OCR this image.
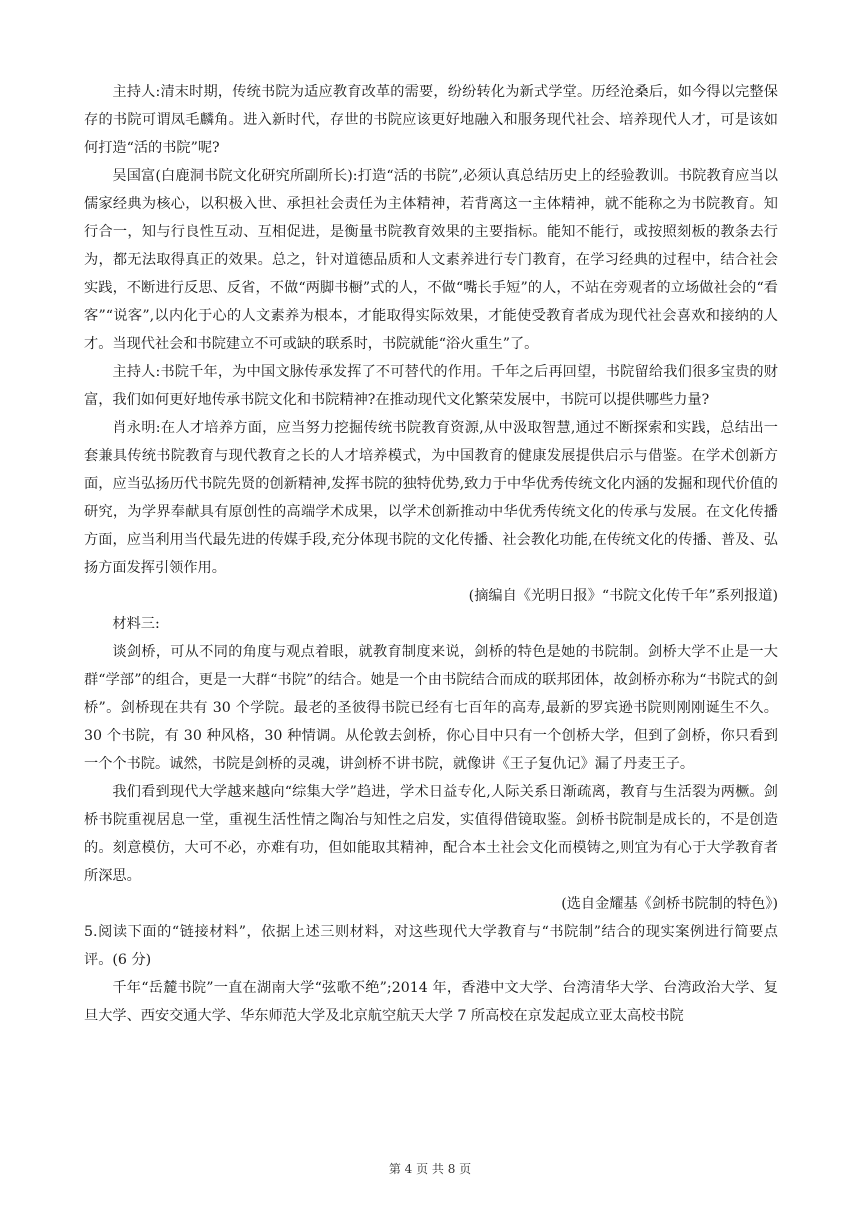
主持人:清末时期，传统书院为适应教育改革的需要，纷纷转化为新式学堂。历经沧桑后，如今得以完整保存的书院可谓凤毛麟角。进入新时代，存世的书院应该更好地融入和服务现代社会、培养现代人才，可是该如何打造“活的书院”呢?

吴国富(白鹿洞书院文化研究所副所长):打造“活的书院”,必须认真总结历史上的经验教训。书院教育应当以儒家经典为核心，以积极入世、承担社会责任为主体精神，若背离这一主体精神，就不能称之为书院教育。知行合一，知与行良性互动、互相促进，是衡量书院教育效果的主要指标。能知不能行，或按照刻板的教条去行为，都无法取得真正的效果。总之，针对道德品质和人文素养进行专门教育，在学习经典的过程中，结合社会实践，不断进行反思、反省，不做“两脚书橱”式的人，不做“嘴长手短”的人，不站在旁观者的立场做社会的“看客”“说客”,以内化于心的人文素养为根本，才能取得实际效果，才能使受教育者成为现代社会喜欢和接纳的人才。当现代社会和书院建立不可或缺的联系时，书院就能“浴火重生”了。

主持人:书院千年，为中国文脉传承发挥了不可替代的作用。千年之后再回望，书院留给我们很多宝贵的财富，我们如何更好地传承书院文化和书院精神?在推动现代文化繁荣发展中，书院可以提供哪些力量?

肖永明:在人才培养方面，应当努力挖掘传统书院教育资源,从中汲取智慧,通过不断探索和实践，总结出一套兼具传统书院教育与现代教育之长的人才培养模式，为中国教育的健康发展提供启示与借鉴。在学术创新方面，应当弘扬历代书院先贤的创新精神,发挥书院的独特优势,致力于中华优秀传统文化内涵的发掘和现代价值的研究，为学界奉献具有原创性的高端学术成果，以学术创新推动中华优秀传统文化的传承与发展。在文化传播方面，应当利用当代最先进的传媒手段,充分体现书院的文化传播、社会教化功能,在传统文化的传播、普及、弘扬方面发挥引领作用。

(摘编自《光明日报》“书院文化传千年”系列报道)

材料三:

谈剑桥，可从不同的角度与观点着眼，就教育制度来说，剑桥的特色是她的书院制。剑桥大学不止是一大群“学部”的组合，更是一大群“书院”的结合。她是一个由书院结合而成的联邦团体，故剑桥亦称为“书院式的剑桥”。剑桥现在共有 30 个学院。最老的圣彼得书院已经有七百年的高寿,最新的罗宾逊书院则刚刚诞生不久。30 个书院，有 30 种风格，30 种情调。从伦敦去剑桥，你心目中只有一个创桥大学，但到了剑桥，你只看到一个个书院。诚然，书院是剑桥的灵魂，讲剑桥不讲书院，就像讲《王子复仇记》漏了丹麦王子。

我们看到现代大学越来越向“综集大学”趋进，学术日益专化,人际关系日渐疏离，教育与生活裂为两橛。剑桥书院重视居息一堂，重视生活性情之陶冶与知性之启发，实值得借镜取鉴。剑桥书院制是成长的，不是创造的。刻意模仿，大可不必，亦难有功，但如能取其精神，配合本土社会文化而模铸之,则宜为有心于大学教育者所深思。

(选自金耀基《剑桥书院制的特色》)

5.阅读下面的“链接材料”，依据上述三则材料，对这些现代大学教育与“书院制”结合的现实案例进行简要点评。(6 分)

千年“岳麓书院”一直在湖南大学“弦歌不绝”;2014 年，香港中文大学、台湾清华大学、台湾政治大学、复旦大学、西安交通大学、华东师范大学及北京航空航天大学 7 所高校在京发起成立亚太高校书院

第 4 页 共 8 页
